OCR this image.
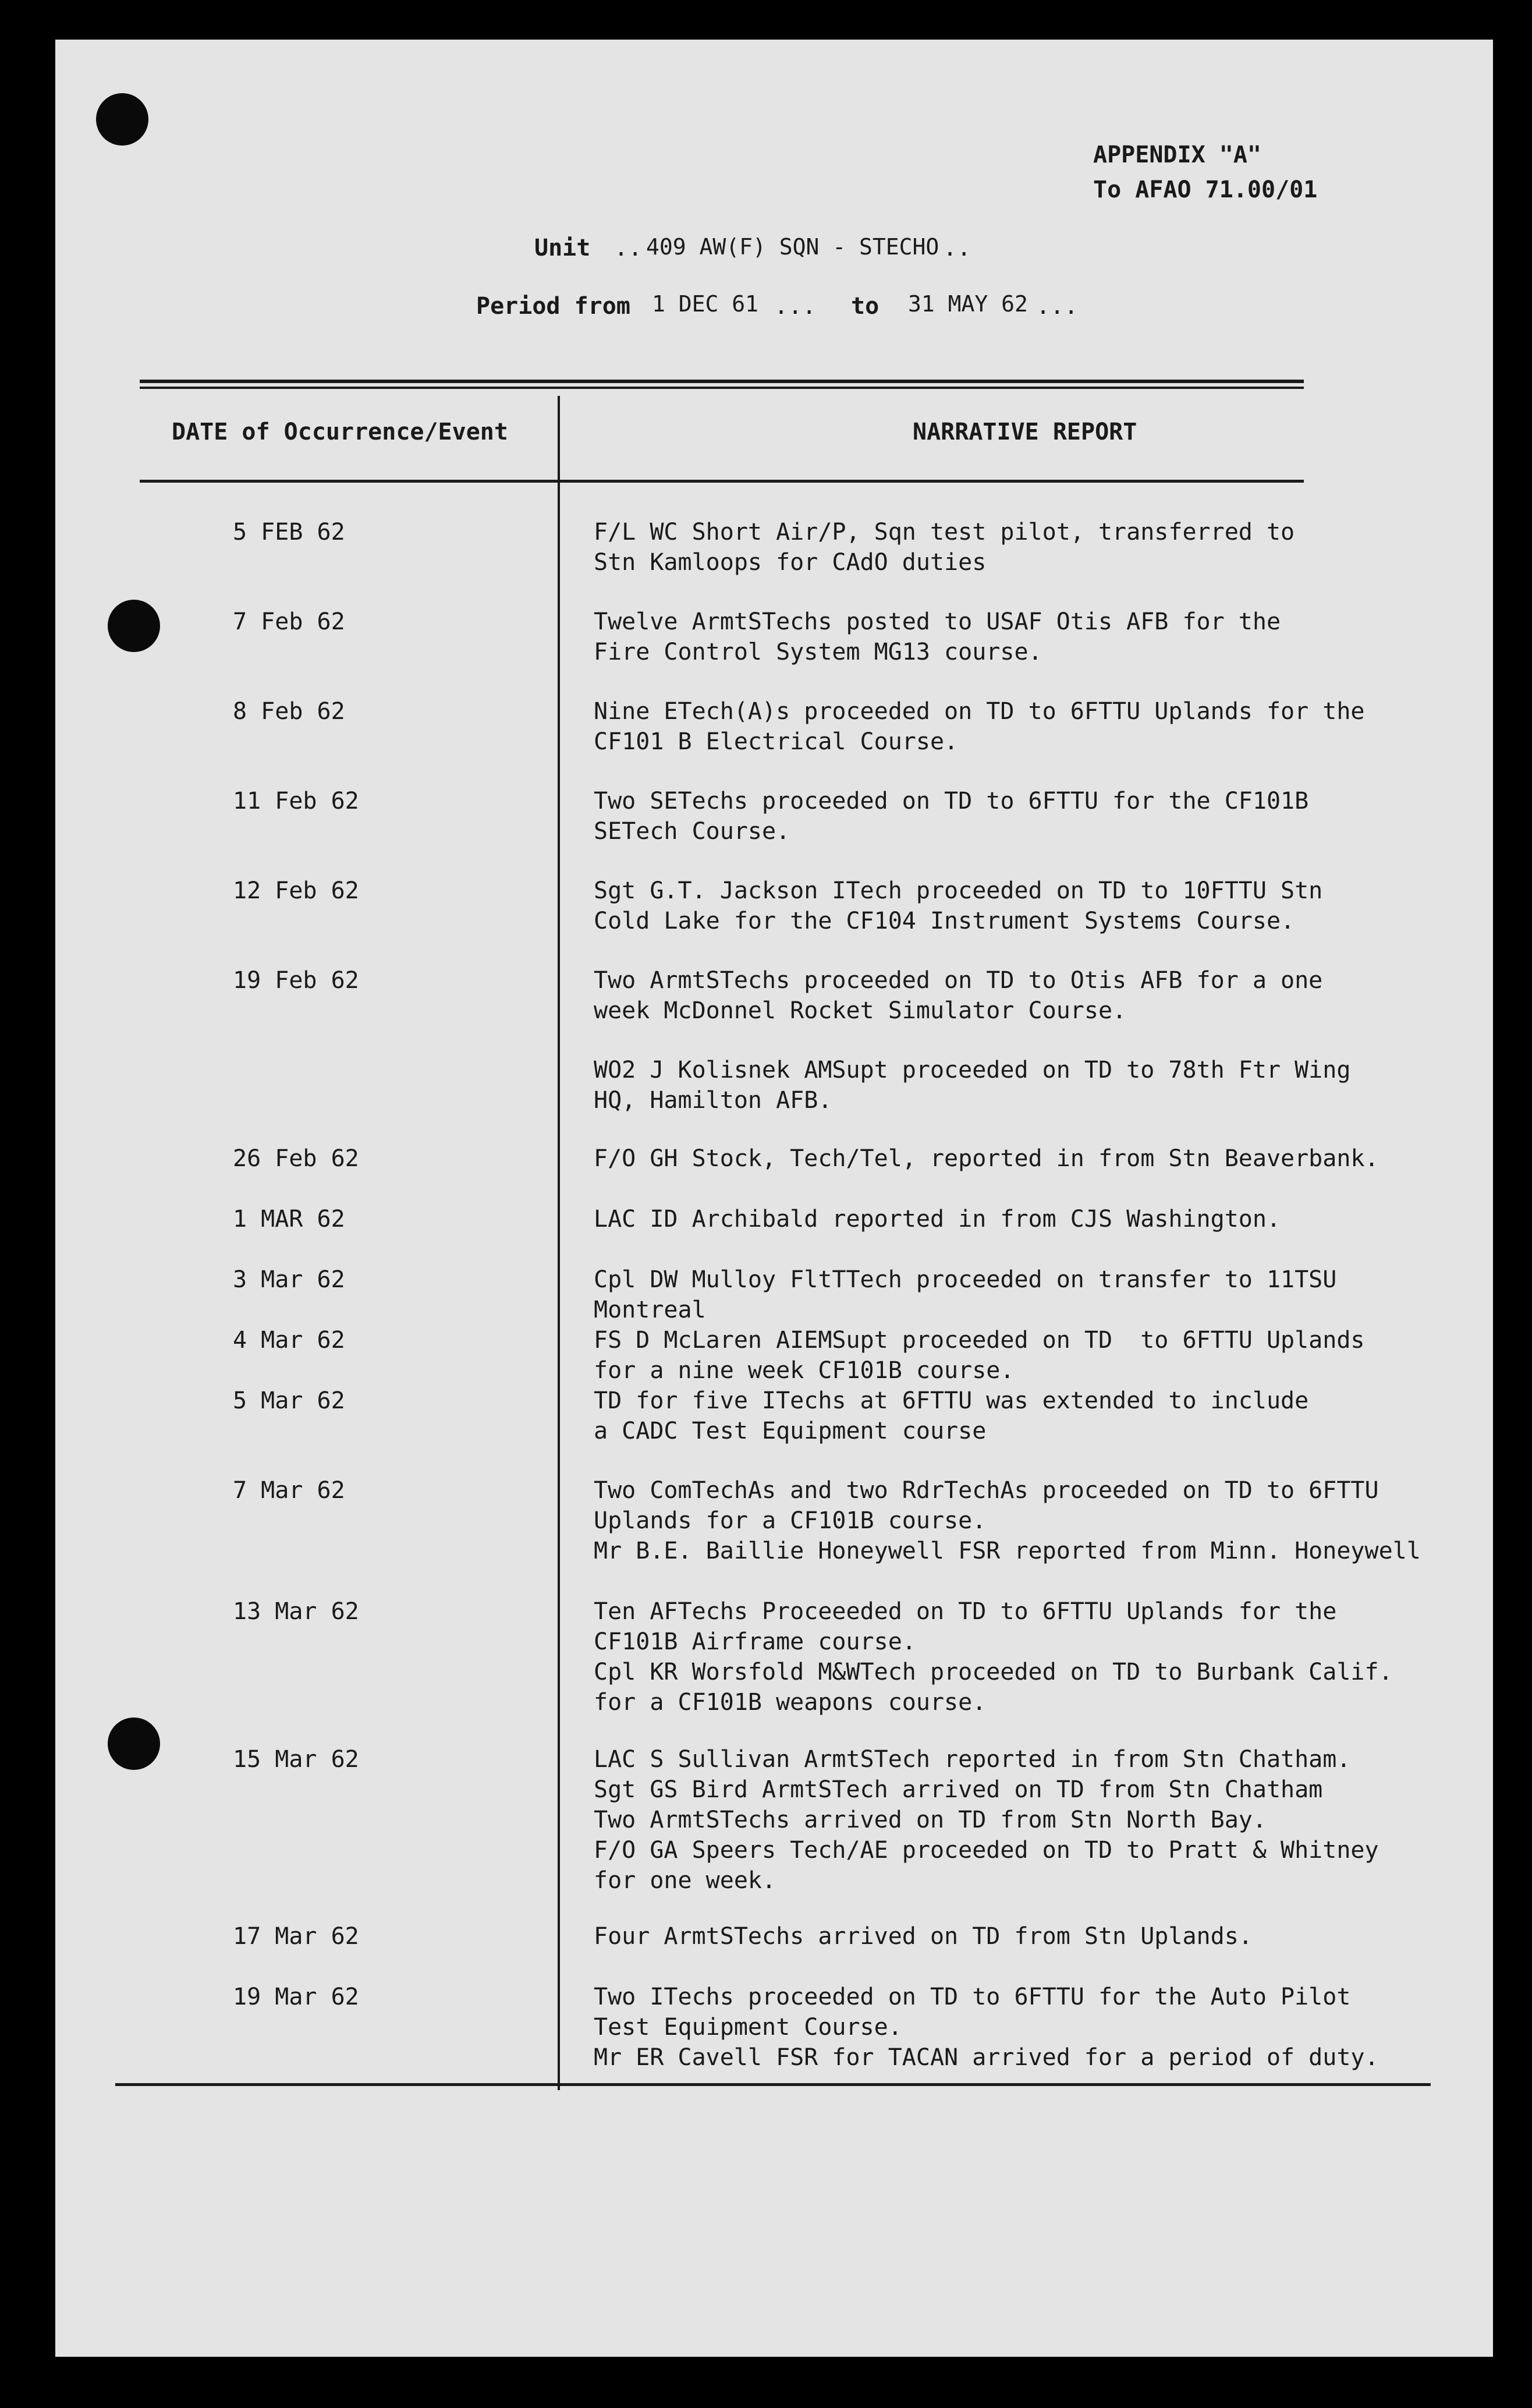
APPENDIX "A"
To AFAO 71.00/01
Unit .. 409 AW(F) SQN - STECHO ..
Period from 1 DEC 61 ... to 31 MAY 62 ...
DATE of Occurrence/Event	NARRATIVE REPORT
5 FEB 62	F/L WC Short Air/P, Sqn test pilot, transferred to
Stn Kamloops for CAdO duties
7 Feb 62	Twelve ArmtSTechs posted to USAF Otis AFB for the
Fire Control System MG13 course.
8 Feb 62	Nine ETech(A)s proceeded on TD to 6FTTU Uplands for the
CF101 B Electrical Course.
11 Feb 62	Two SETechs proceeded on TD to 6FTTU for the CF101B
SETech Course.
12 Feb 62	Sgt G.T. Jackson ITech proceeded on TD to 10FTTU Stn
Cold Lake for the CF104 Instrument Systems Course.
19 Feb 62	Two ArmtSTechs proceeded on TD to Otis AFB for a one
week McDonnel Rocket Simulator Course.
WO2 J Kolisnek AMSupt proceeded on TD to 78th Ftr Wing
HQ, Hamilton AFB.
26 Feb 62	F/O GH Stock, Tech/Tel, reported in from Stn Beaverbank.
1 MAR 62	LAC ID Archibald reported in from CJS Washington.
3 Mar 62	Cpl DW Mulloy FltTTech proceeded on transfer to 11TSU
Montreal
4 Mar 62	FS D McLaren AIEMSupt proceeded on TD  to 6FTTU Uplands
for a nine week CF101B course.
5 Mar 62	TD for five ITechs at 6FTTU was extended to include
a CADC Test Equipment course
7 Mar 62	Two ComTechAs and two RdrTechAs proceeded on TD to 6FTTU
Uplands for a CF101B course.
Mr B.E. Baillie Honeywell FSR reported from Minn. Honeywell
13 Mar 62	Ten AFTechs Proceeeded on TD to 6FTTU Uplands for the
CF101B Airframe course.
Cpl KR Worsfold M&WTech proceeded on TD to Burbank Calif.
for a CF101B weapons course.
15 Mar 62	LAC S Sullivan ArmtSTech reported in from Stn Chatham.
Sgt GS Bird ArmtSTech arrived on TD from Stn Chatham
Two ArmtSTechs arrived on TD from Stn North Bay.
F/O GA Speers Tech/AE proceeded on TD to Pratt & Whitney
for one week.
17 Mar 62	Four ArmtSTechs arrived on TD from Stn Uplands.
19 Mar 62	Two ITechs proceeded on TD to 6FTTU for the Auto Pilot
Test Equipment Course.
Mr ER Cavell FSR for TACAN arrived for a period of duty.
